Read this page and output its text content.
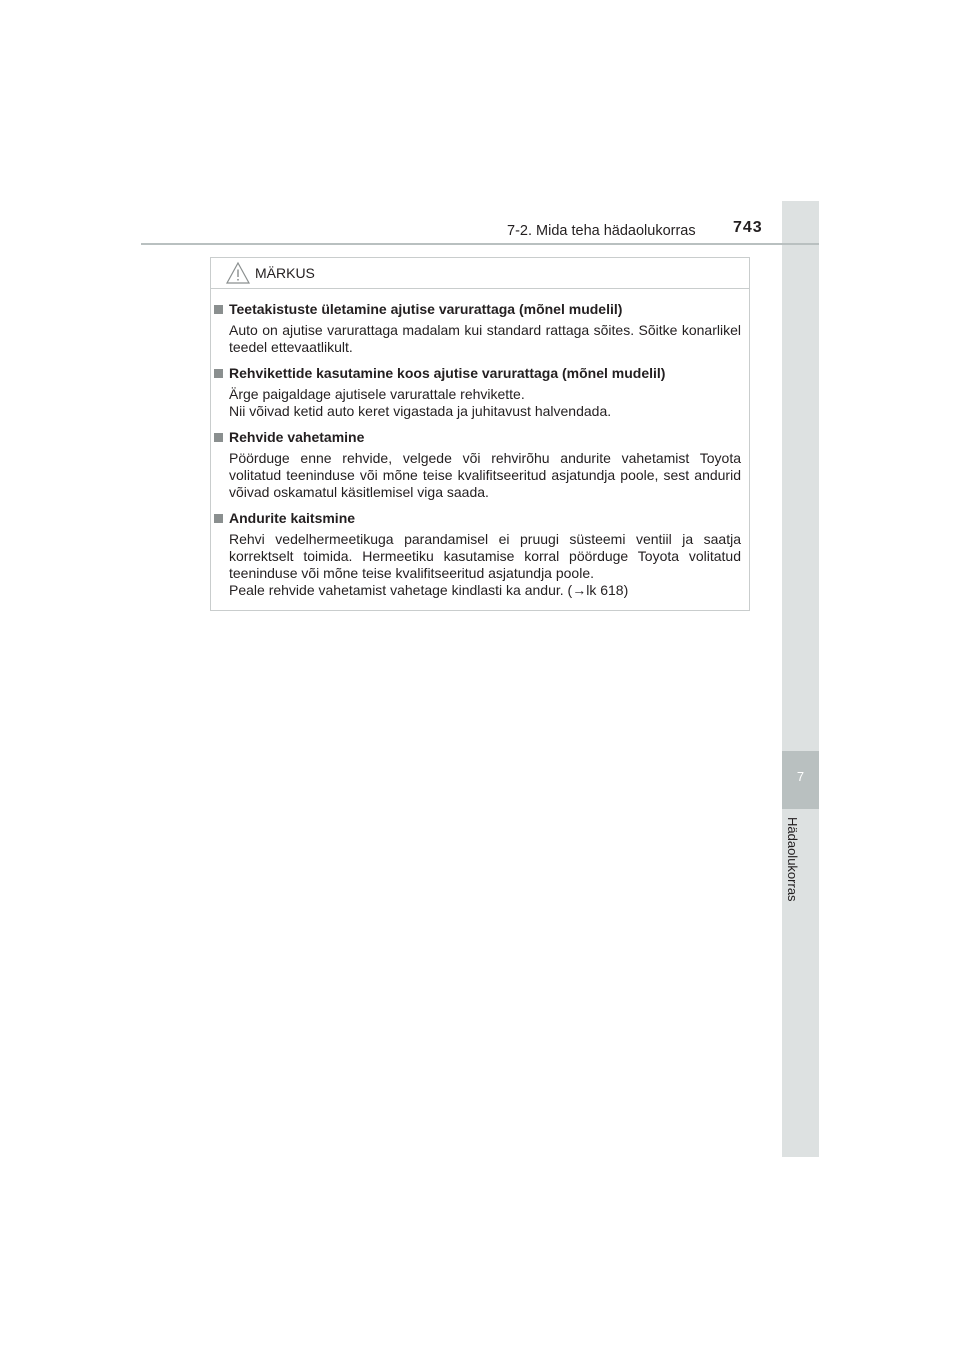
7
Hädaolukorras
7-2. Mida teha hädaolukorras 743
MÄRKUS
Teetakistuste ületamine ajutise varurattaga (mõnel mudelil)

Auto on ajutise varurattaga madalam kui standard rattaga sõites. Sõitke konarlikel teedel ettevaatlikult.

Rehvikettide kasutamine koos ajutise varurattaga (mõnel mudelil)

Ärge paigaldage ajutisele varurattale rehvikette.

Nii võivad ketid auto keret vigastada ja juhitavust halvendada.

Rehvide vahetamine

Pöörduge enne rehvide, velgede või rehvirõhu andurite vahetamist Toyota volitatud teeninduse või mõne teise kvalifitseeritud asjatundja poole, sest andurid võivad oskamatul käsitlemisel viga saada.

Andurite kaitsmine

Rehvi vedelhermeetikuga parandamisel ei pruugi süsteemi ventiil ja saatja korrektselt toimida. Hermeetiku kasutamise korral pöörduge Toyota volitatud teeninduse või mõne teise kvalifitseeritud asjatundja poole.

Peale rehvide vahetamist vahetage kindlasti ka andur. (→lk 618)
